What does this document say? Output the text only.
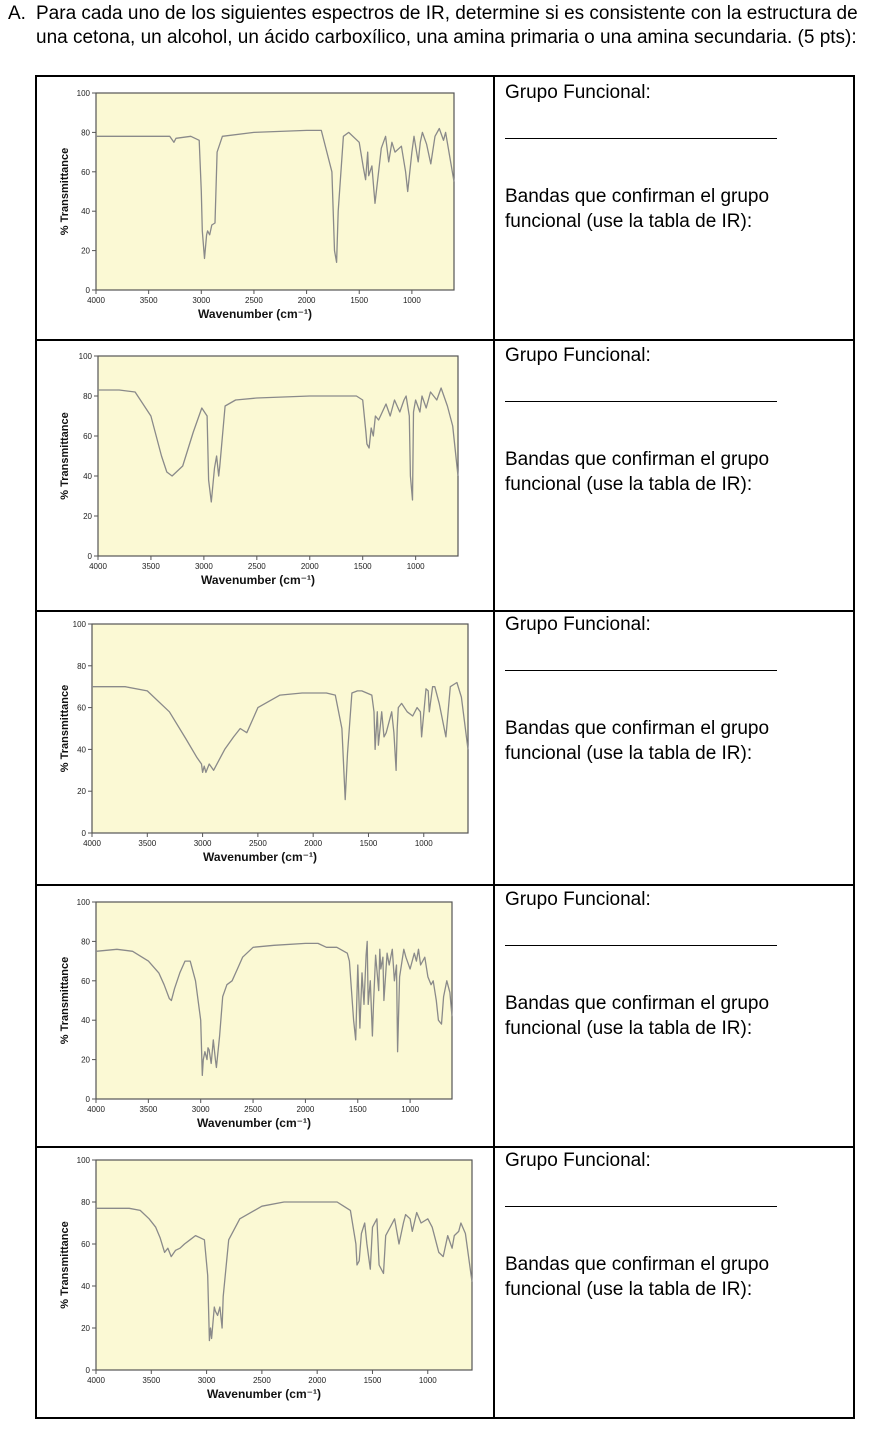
A. Para cada uno de los siguientes espectros de IR, determine si es consistente con la estructura de una cetona, un alcohol, un ácido carboxílico, una amina primaria o una amina secundaria. (5 pts):
0
20
40
60
80
100
4000	3500	3000	2500	2000	1500	1000
Wavenumber (cm⁻¹)
% Transmittance
0
20
40
60
80
100
4000	3500	3000	2500	2000	1500	1000
Wavenumber (cm⁻¹)
% Transmittance
0
20
40
60
80
100
4000	3500	3000	2500	2000	1500	1000
Wavenumber (cm⁻¹)
% Transmittance
0
20
40
60
80
100
4000	3500	3000	2500	2000	1500	1000
Wavenumber (cm⁻¹)
% Transmittance
0
20
40
60
80
100
4000	3500	3000	2500	2000	1500	1000
Wavenumber (cm⁻¹)
% Transmittance
Grupo Funcional:
Bandas que confirman el grupo funcional (use la tabla de IR):
Grupo Funcional:
Bandas que confirman el grupo funcional (use la tabla de IR):
Grupo Funcional:
Bandas que confirman el grupo funcional (use la tabla de IR):
Grupo Funcional:
Bandas que confirman el grupo funcional (use la tabla de IR):
Grupo Funcional:
Bandas que confirman el grupo funcional (use la tabla de IR):
